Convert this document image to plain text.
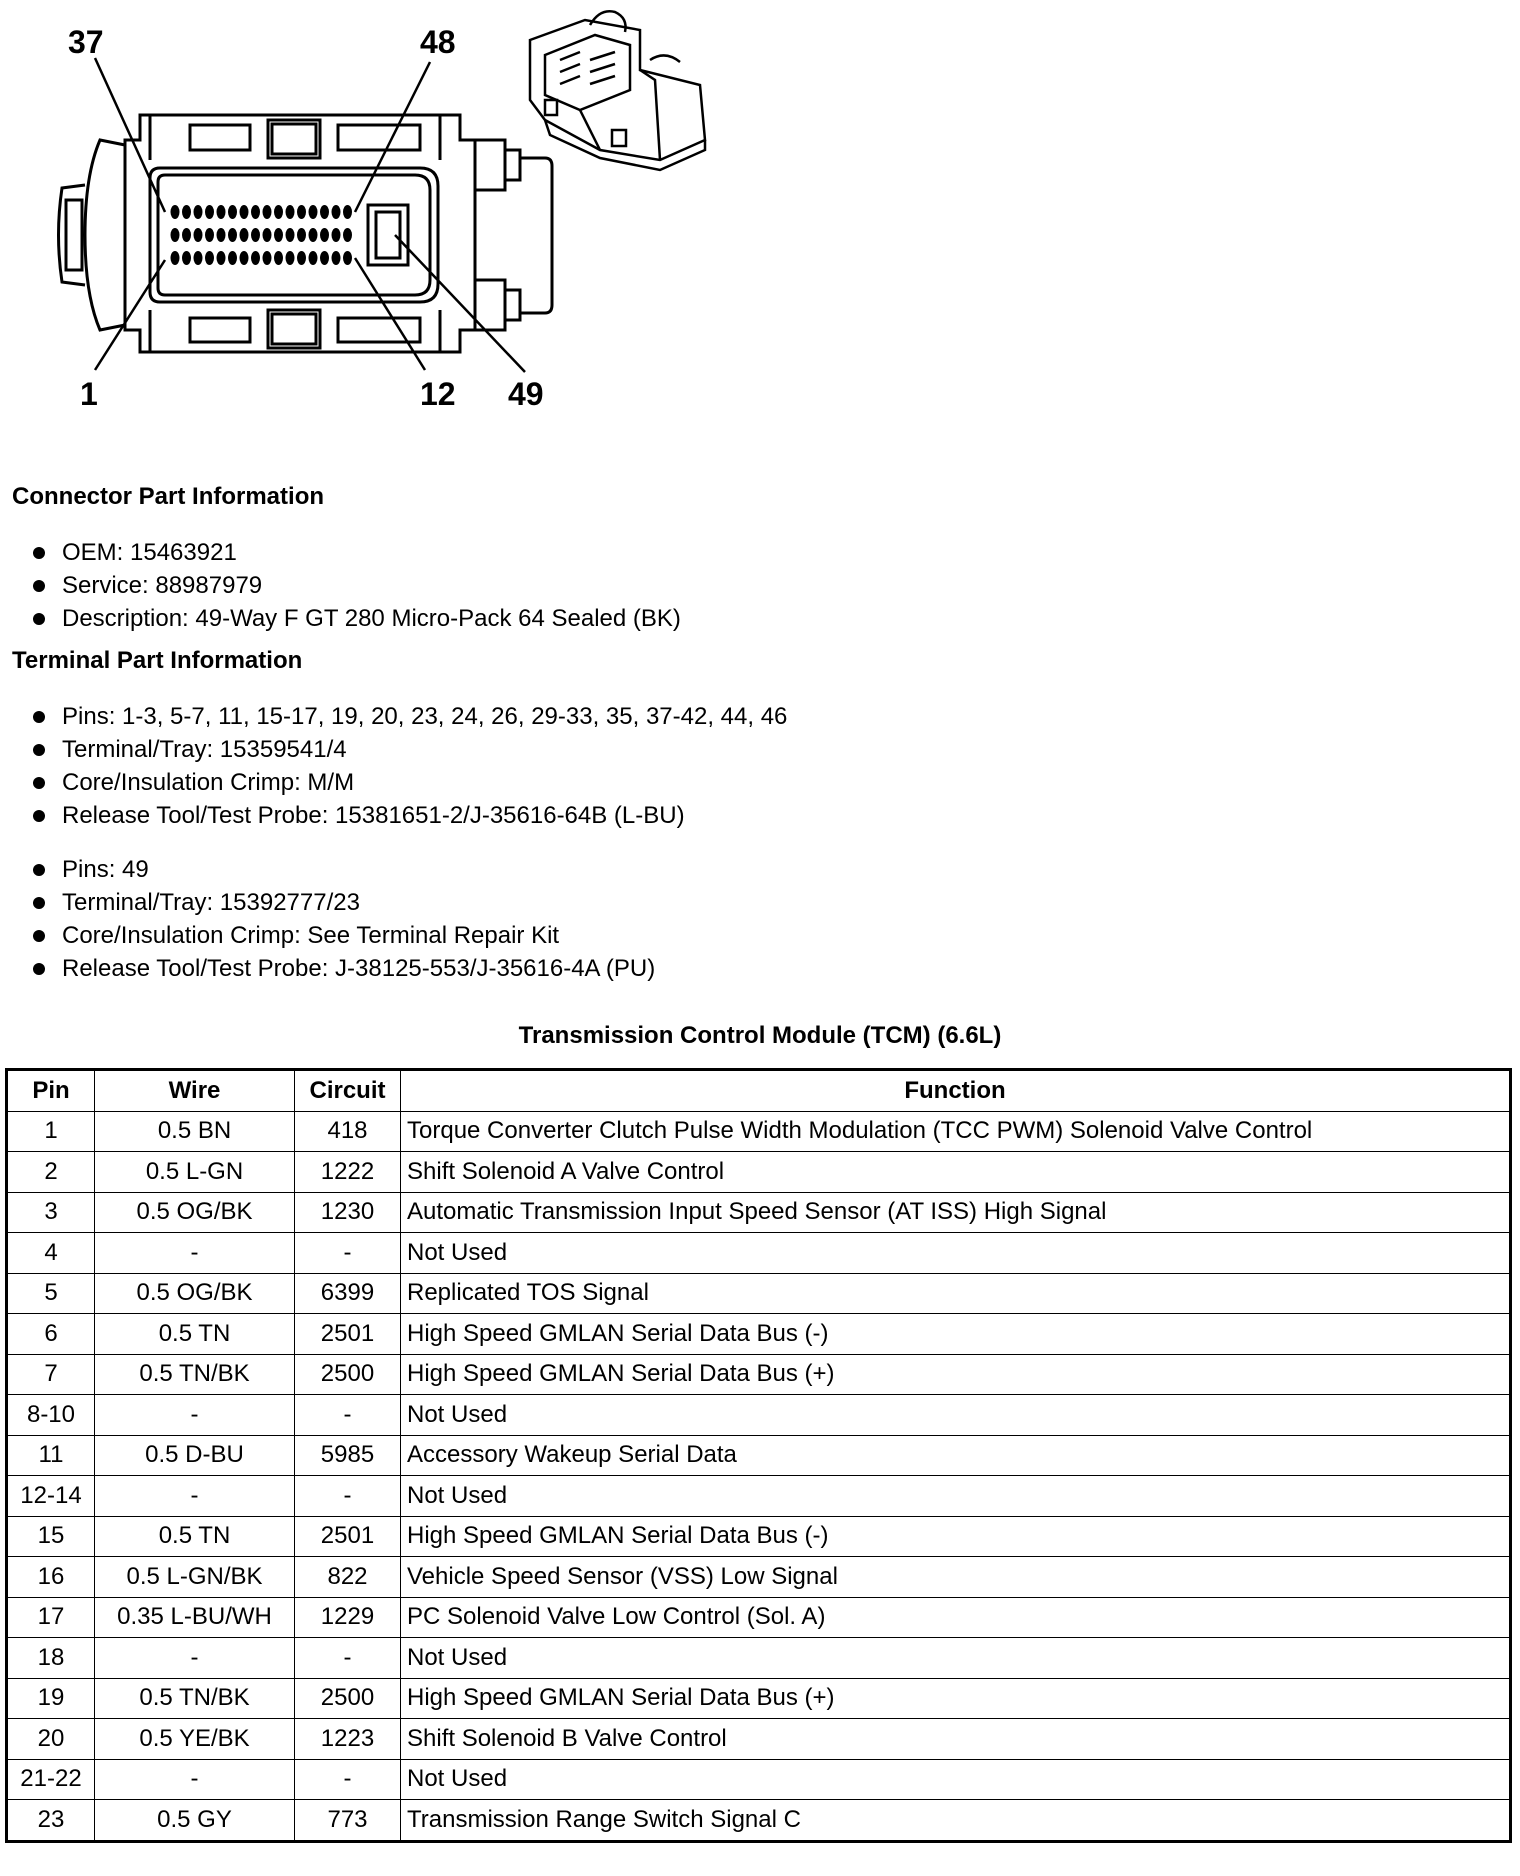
37	48
1	12 49
Connector Part Information
OEM: 15463921
Service: 88987979
Description: 49-Way F GT 280 Micro-Pack 64 Sealed (BK)
Terminal Part Information
Pins: 1-3, 5-7, 11, 15-17, 19, 20, 23, 24, 26, 29-33, 35, 37-42, 44, 46
Terminal/Tray: 15359541/4
Core/Insulation Crimp: M/M
Release Tool/Test Probe: 15381651-2/J-35616-64B (L-BU)
Pins: 49
Terminal/Tray: 15392777/23
Core/Insulation Crimp: See Terminal Repair Kit
Release Tool/Test Probe: J-38125-553/J-35616-4A (PU)
Transmission Control Module (TCM) (6.6L)
Pin	Wire	Circuit	Function
1	0.5 BN	418	Torque Converter Clutch Pulse Width Modulation (TCC PWM) Solenoid Valve Control
2	0.5 L-GN	1222	Shift Solenoid A Valve Control
3	0.5 OG/BK	1230	Automatic Transmission Input Speed Sensor (AT ISS) High Signal
4	-	-	Not Used
5	0.5 OG/BK	6399	Replicated TOS Signal
6	0.5 TN	2501	High Speed GMLAN Serial Data Bus (-)
7	0.5 TN/BK	2500	High Speed GMLAN Serial Data Bus (+)
8-10	-	-	Not Used
11	0.5 D-BU	5985	Accessory Wakeup Serial Data
12-14	-	-	Not Used
15	0.5 TN	2501	High Speed GMLAN Serial Data Bus (-)
16	0.5 L-GN/BK	822	Vehicle Speed Sensor (VSS) Low Signal
17	0.35 L-BU/WH	1229	PC Solenoid Valve Low Control (Sol. A)
18	-	-	Not Used
19	0.5 TN/BK	2500	High Speed GMLAN Serial Data Bus (+)
20	0.5 YE/BK	1223	Shift Solenoid B Valve Control
21-22	-	-	Not Used
23	0.5 GY	773	Transmission Range Switch Signal C
